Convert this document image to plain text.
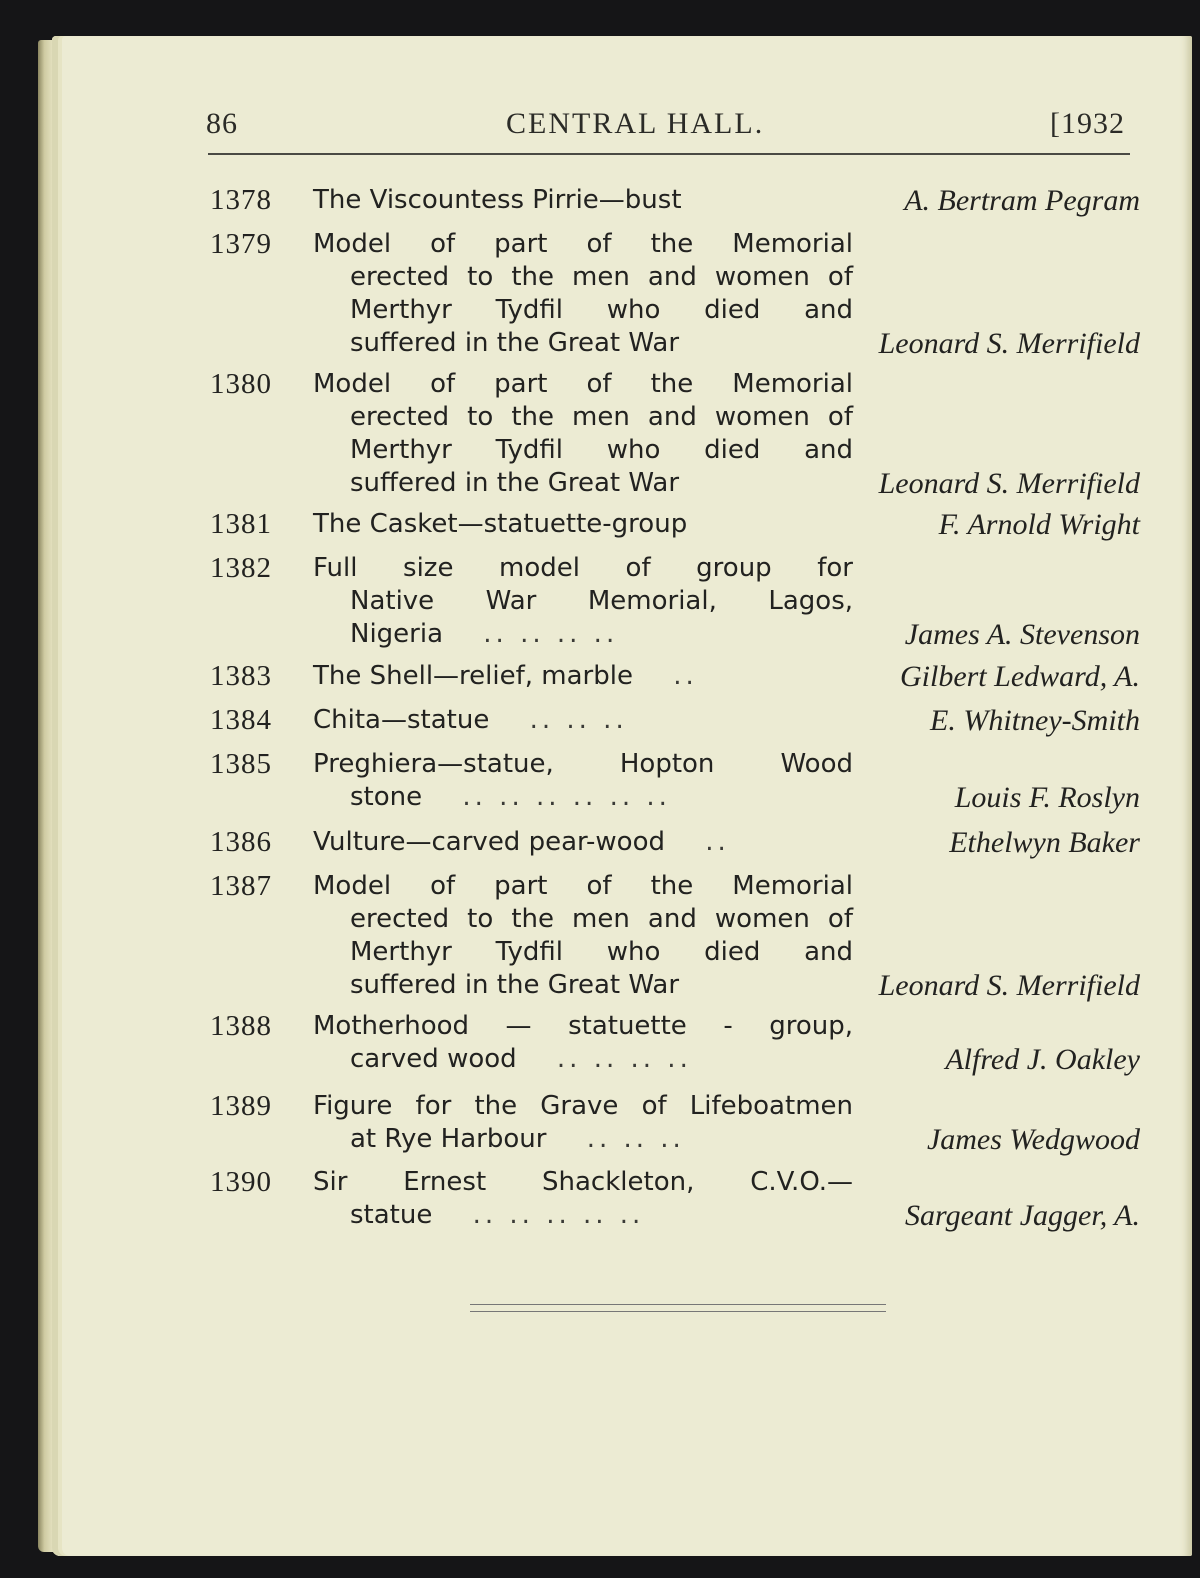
86	CENTRAL HALL.	[1932
1378 The Viscountess Pirrie—bust	A. Bertram Pegram
1379 Model of part of the Memorial
erected to the men and women of
Merthyr Tydfil who died and
suffered in the Great War	Leonard S. Merrifield
1380 Model of part of the Memorial
erected to the men and women of
Merthyr Tydfil who died and
suffered in the Great War	Leonard S. Merrifield
1381 The Casket—statuette-group	F. Arnold Wright
1382 Full size model of group for
Native War Memorial, Lagos,
Nigeria .. .. .. ..	James A. Stevenson
1383 The Shell—relief, marble ..	Gilbert Ledward, A.
1384 Chita—statue .. .. ..	E. Whitney-Smith
1385 Preghiera—statue, Hopton Wood
stone .. .. .. .. .. ..	Louis F. Roslyn
1386 Vulture—carved pear-wood ..	Ethelwyn Baker
1387 Model of part of the Memorial
erected to the men and women of
Merthyr Tydfil who died and
suffered in the Great War	Leonard S. Merrifield
1388 Motherhood — statuette - group,
carved wood .. .. .. ..	Alfred J. Oakley
1389 Figure for the Grave of Lifeboatmen
at Rye Harbour .. .. ..	James Wedgwood
1390 Sir Ernest Shackleton, C.V.O.—
statue .. .. .. .. ..	Sargeant Jagger, A.
